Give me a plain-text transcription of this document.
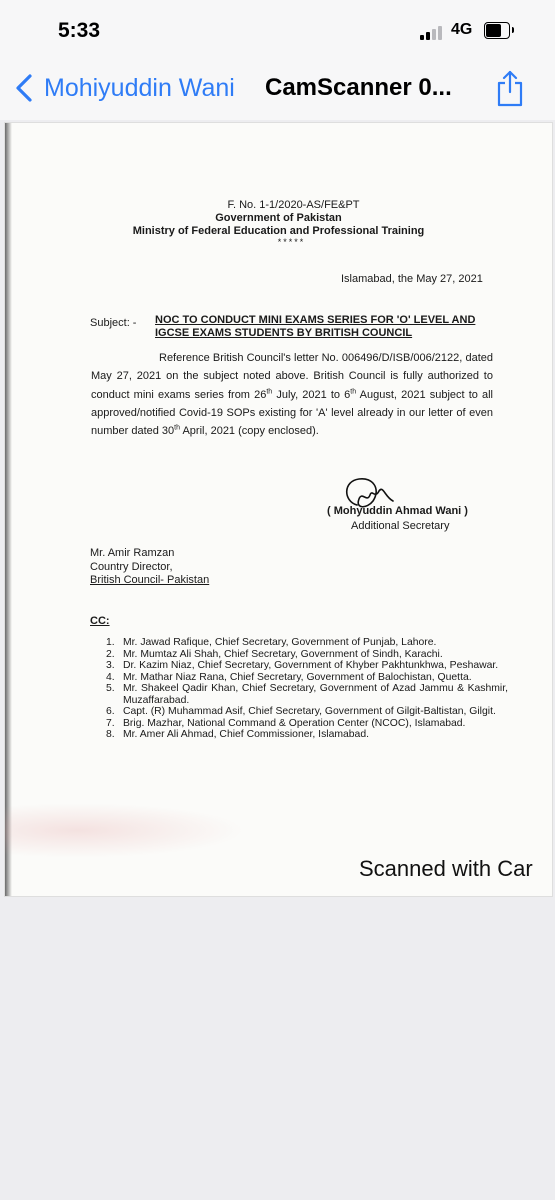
5:33	4G
Mohiyuddin Wani CamScanner 0...
F. No. 1-1/2020-AS/FE&PT
Government of Pakistan
Ministry of Federal Education and Professional Training
*****
Islamabad, the May 27, 2021
Subject: - NOC TO CONDUCT MINI EXAMS SERIES FOR 'O' LEVEL AND IGCSE EXAMS STUDENTS BY BRITISH COUNCIL
Reference British Council's letter No. 006496/D/ISB/006/2122, dated May 27, 2021 on the subject noted above. British Council is fully authorized to conduct mini exams series from 26th July, 2021 to 6th August, 2021 subject to all approved/notified Covid-19 SOPs existing for 'A' level already in our letter of even number dated 30th April, 2021 (copy enclosed).
( Mohyuddin Ahmad Wani )
Additional Secretary
Mr. Amir Ramzan
Country Director,
British Council- Pakistan
CC:
1. Mr. Jawad Rafique, Chief Secretary, Government of Punjab, Lahore.
2. Mr. Mumtaz Ali Shah, Chief Secretary, Government of Sindh, Karachi.
3. Dr. Kazim Niaz, Chief Secretary, Government of Khyber Pakhtunkhwa, Peshawar.
4. Mr. Mathar Niaz Rana, Chief Secretary, Government of Balochistan, Quetta.
5. Mr. Shakeel Qadir Khan, Chief Secretary, Government of Azad Jammu & Kashmir, Muzaffarabad.
6. Capt. (R) Muhammad Asif, Chief Secretary, Government of Gilgit-Baltistan, Gilgit.
7. Brig. Mazhar, National Command & Operation Center (NCOC), Islamabad.
8. Mr. Amer Ali Ahmad, Chief Commissioner, Islamabad.
Scanned with Car
